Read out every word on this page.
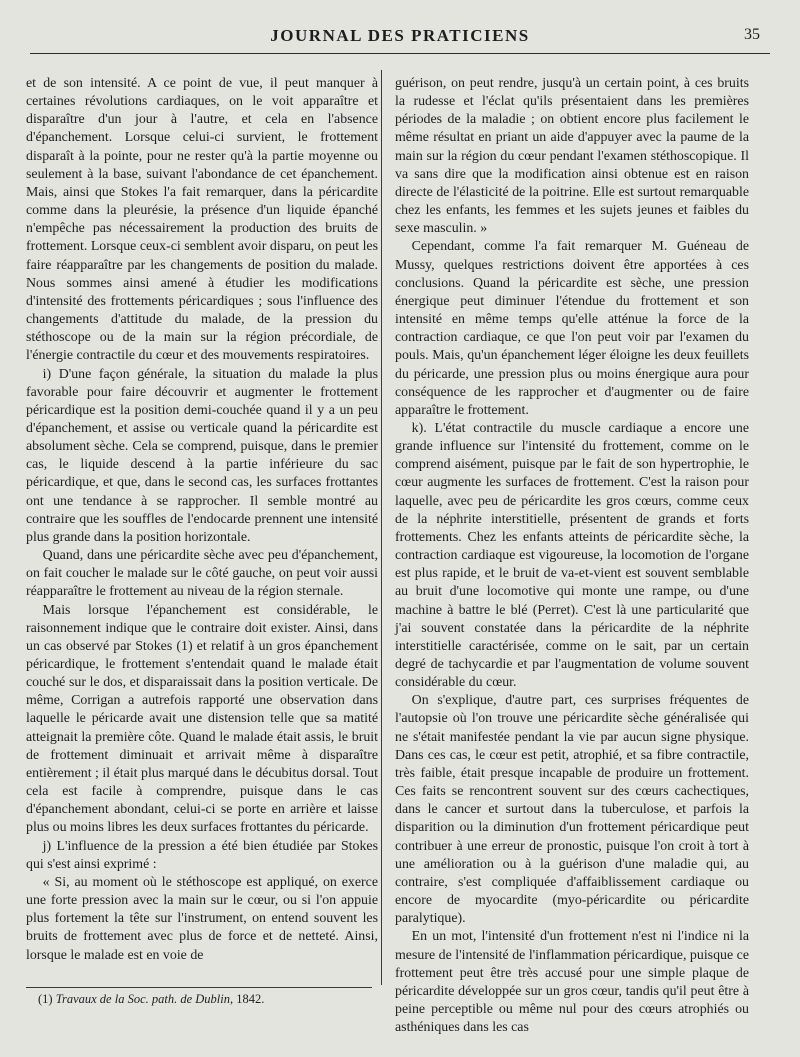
JOURNAL DES PRATICIENS	35

et de son intensité. A ce point de vue, il peut manquer à certaines révolutions cardiaques, on le voit apparaître et disparaître d'un jour à l'autre, et cela en l'absence d'épanchement. Lorsque celui-ci survient, le frottement disparaît à la pointe, pour ne rester qu'à la partie moyenne ou seulement à la base, suivant l'abondance de cet épanchement. Mais, ainsi que Stokes l'a fait remarquer, dans la péricardite comme dans la pleurésie, la présence d'un liquide épanché n'empêche pas nécessairement la production des bruits de frottement. Lorsque ceux-ci semblent avoir disparu, on peut les faire réapparaître par les changements de position du malade. Nous sommes ainsi amené à étudier les modifications d'intensité des frottements péricardiques ; sous l'influence des changements d'attitude du malade, de la pression du stéthoscope ou de la main sur la région précordiale, de l'énergie contractile du cœur et des mouvements respiratoires.

i) D'une façon générale, la situation du malade la plus favorable pour faire découvrir et augmenter le frottement péricardique est la position demi-couchée quand il y a un peu d'épanchement, et assise ou verticale quand la péricardite est absolument sèche. Cela se comprend, puisque, dans le premier cas, le liquide descend à la partie inférieure du sac péricardique, et que, dans le second cas, les surfaces frottantes ont une tendance à se rapprocher. Il semble montré au contraire que les souffles de l'endocarde prennent une intensité plus grande dans la position horizontale.

Quand, dans une péricardite sèche avec peu d'épanchement, on fait coucher le malade sur le côté gauche, on peut voir aussi réapparaître le frottement au niveau de la région sternale.

Mais lorsque l'épanchement est considérable, le raisonnement indique que le contraire doit exister. Ainsi, dans un cas observé par Stokes (1) et relatif à un gros épanchement péricardique, le frottement s'entendait quand le malade était couché sur le dos, et disparaissait dans la position verticale. De même, Corrigan a autrefois rapporté une observation dans laquelle le péricarde avait une distension telle que sa matité atteignait la première côte. Quand le malade était assis, le bruit de frottement diminuait et arrivait même à disparaître entièrement ; il était plus marqué dans le décubitus dorsal. Tout cela est facile à comprendre, puisque dans le cas d'épanchement abondant, celui-ci se porte en arrière et laisse plus ou moins libres les deux surfaces frottantes du péricarde.

j) L'influence de la pression a été bien étudiée par Stokes qui s'est ainsi exprimé :

« Si, au moment où le stéthoscope est appliqué, on exerce une forte pression avec la main sur le cœur, ou si l'on appuie plus fortement la tête sur l'instrument, on entend souvent les bruits de frottement avec plus de force et de netteté. Ainsi, lorsque le malade est en voie de

guérison, on peut rendre, jusqu'à un certain point, à ces bruits la rudesse et l'éclat qu'ils présentaient dans les premières périodes de la maladie ; on obtient encore plus facilement le même résultat en priant un aide d'appuyer avec la paume de la main sur la région du cœur pendant l'examen stéthoscopique. Il va sans dire que la modification ainsi obtenue est en raison directe de l'élasticité de la poitrine. Elle est surtout remarquable chez les enfants, les femmes et les sujets jeunes et faibles du sexe masculin. »

Cependant, comme l'a fait remarquer M. Guéneau de Mussy, quelques restrictions doivent être apportées à ces conclusions. Quand la péricardite est sèche, une pression énergique peut diminuer l'étendue du frottement et son intensité en même temps qu'elle atténue la force de la contraction cardiaque, ce que l'on peut voir par l'examen du pouls. Mais, qu'un épanchement léger éloigne les deux feuillets du péricarde, une pression plus ou moins énergique aura pour conséquence de les rapprocher et d'augmenter ou de faire apparaître le frottement.

k). L'état contractile du muscle cardiaque a encore une grande influence sur l'intensité du frottement, comme on le comprend aisément, puisque par le fait de son hypertrophie, le cœur augmente les surfaces de frottement. C'est la raison pour laquelle, avec peu de péricardite les gros cœurs, comme ceux de la néphrite interstitielle, présentent de grands et forts frottements. Chez les enfants atteints de péricardite sèche, la contraction cardiaque est vigoureuse, la locomotion de l'organe est plus rapide, et le bruit de va-et-vient est souvent semblable au bruit d'une locomotive qui monte une rampe, ou d'une machine à battre le blé (Perret). C'est là une particularité que j'ai souvent constatée dans la péricardite de la néphrite interstitielle caractérisée, comme on le sait, par un certain degré de tachycardie et par l'augmentation de volume souvent considérable du cœur.

On s'explique, d'autre part, ces surprises fréquentes de l'autopsie où l'on trouve une péricardite sèche généralisée qui ne s'était manifestée pendant la vie par aucun signe physique. Dans ces cas, le cœur est petit, atrophié, et sa fibre contractile, très faible, était presque incapable de produire un frottement. Ces faits se rencontrent souvent sur des cœurs cachectiques, dans le cancer et surtout dans la tuberculose, et parfois la disparition ou la diminution d'un frottement péricardique peut contribuer à une erreur de pronostic, puisque l'on croit à tort à une amélioration ou à la guérison d'une maladie qui, au contraire, s'est compliquée d'affaiblissement cardiaque ou encore de myocardite (myo-péricardite ou péricardite paralytique).

En un mot, l'intensité d'un frottement n'est ni l'indice ni la mesure de l'intensité de l'inflammation péricardique, puisque ce frottement peut être très accusé pour une simple plaque de péricardite développée sur un gros cœur, tandis qu'il peut être à peine perceptible ou même nul pour des cœurs atrophiés ou asthéniques dans les cas

(1) Travaux de la Soc. path. de Dublin, 1842.
